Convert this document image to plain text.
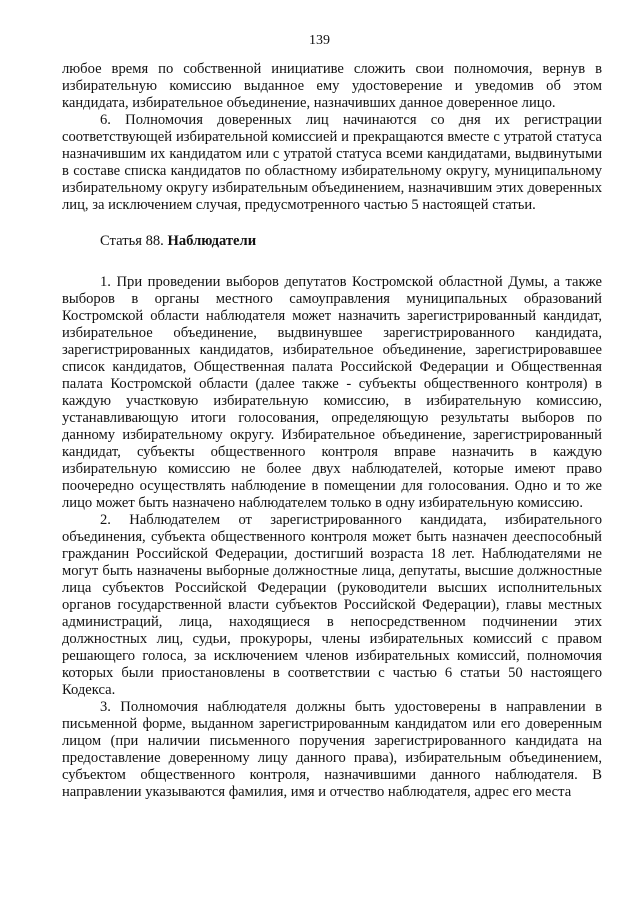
139

любое время по собственной инициативе сложить свои полномочия, вернув в избирательную комиссию выданное ему удостоверение и уведомив об этом кандидата, избирательное объединение, назначивших данное доверенное лицо.

6. Полномочия доверенных лиц начинаются со дня их регистрации соответствующей избирательной комиссией и прекращаются вместе с утратой статуса назначившим их кандидатом или с утратой статуса всеми кандидатами, выдвинутыми в составе списка кандидатов по областному избирательному округу, муниципальному избирательному округу избирательным объединением, назначившим этих доверенных лиц, за исключением случая, предусмотренного частью 5 настоящей статьи.

Статья 88. Наблюдатели

1. При проведении выборов депутатов Костромской областной Думы, а также выборов в органы местного самоуправления муниципальных образований Костромской области наблюдателя может назначить зарегистрированный кандидат, избирательное объединение, выдвинувшее зарегистрированного кандидата, зарегистрированных кандидатов, избирательное объединение, зарегистрировавшее список кандидатов, Общественная палата Российской Федерации и Общественная палата Костромской области (далее также - субъекты общественного контроля) в каждую участковую избирательную комиссию, в избирательную комиссию, устанавливающую итоги голосования, определяющую результаты выборов по данному избирательному округу. Избирательное объединение, зарегистрированный кандидат, субъекты общественного контроля вправе назначить в каждую избирательную комиссию не более двух наблюдателей, которые имеют право поочередно осуществлять наблюдение в помещении для голосования. Одно и то же лицо может быть назначено наблюдателем только в одну избирательную комиссию.

2. Наблюдателем от зарегистрированного кандидата, избирательного объединения, субъекта общественного контроля может быть назначен дееспособный гражданин Российской Федерации, достигший возраста 18 лет. Наблюдателями не могут быть назначены выборные должностные лица, депутаты, высшие должностные лица субъектов Российской Федерации (руководители высших исполнительных органов государственной власти субъектов Российской Федерации), главы местных администраций, лица, находящиеся в непосредственном подчинении этих должностных лиц, судьи, прокуроры, члены избирательных комиссий с правом решающего голоса, за исключением членов избирательных комиссий, полномочия которых были приостановлены в соответствии с частью 6 статьи 50 настоящего Кодекса.

3. Полномочия наблюдателя должны быть удостоверены в направлении в письменной форме, выданном зарегистрированным кандидатом или его доверенным лицом (при наличии письменного поручения зарегистрированного кандидата на предоставление доверенному лицу данного права), избирательным объединением, субъектом общественного контроля, назначившими данного наблюдателя. В направлении указываются фамилия, имя и отчество наблюдателя, адрес его места
